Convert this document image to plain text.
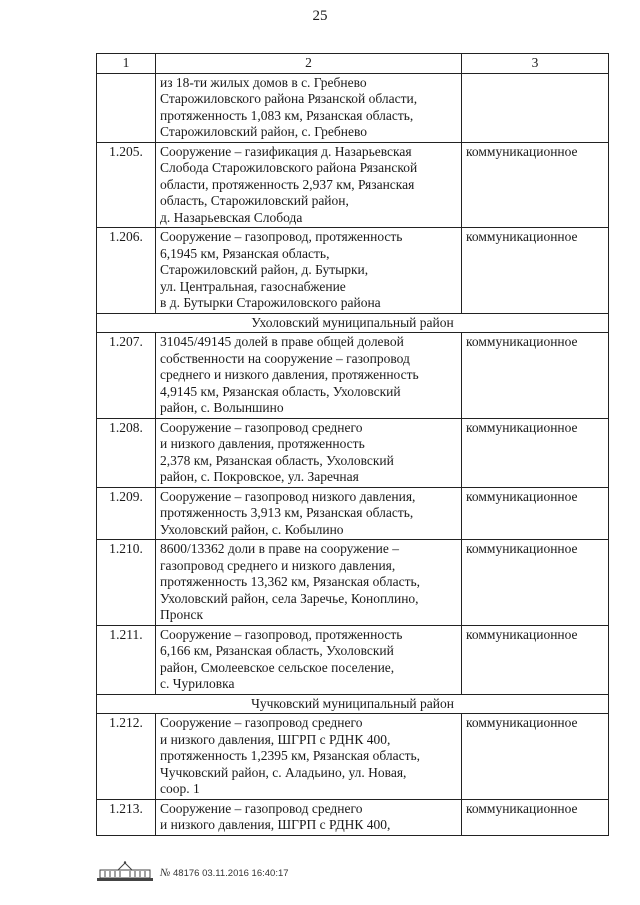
25
1	2	3
	из 18-ти жилых домов в с. Гребнево
Старожиловского района Рязанской области,
протяженность 1,083 км, Рязанская область,
Старожиловский район, с. Гребнево	
1.205.	Сооружение – газификация д. Назарьевская
Слобода Старожиловского района Рязанской
области, протяженность 2,937 км, Рязанская
область, Старожиловский район,
д. Назарьевская Слобода	коммуникационное
1.206.	Сооружение – газопровод, протяженность
6,1945 км, Рязанская область,
Старожиловский район, д. Бутырки,
ул. Центральная, газоснабжение
в д. Бутырки Старожиловского района	коммуникационное
Ухоловский муниципальный район		
1.207.	31045/49145 долей в праве общей долевой
собственности на сооружение – газопровод
среднего и низкого давления, протяженность
4,9145 км, Рязанская область, Ухоловский
район, с. Волыншино	коммуникационное
1.208.	Сооружение – газопровод среднего
и низкого давления, протяженность
2,378 км, Рязанская область, Ухоловский
район, с. Покровское, ул. Заречная	коммуникационное
1.209.	Сооружение – газопровод низкого давления,
протяженность 3,913 км, Рязанская область,
Ухоловский район, с. Кобылино	коммуникационное
1.210.	8600/13362 доли в праве на сооружение –
газопровод среднего и низкого давления,
протяженность 13,362 км, Рязанская область,
Ухоловский район, села Заречье, Коноплино,
Пронск	коммуникационное
1.211.	Сооружение – газопровод, протяженность
6,166 км, Рязанская область, Ухоловский
район, Смолеевское сельское поселение,
с. Чуриловка	коммуникационное
Чучковский муниципальный район		
1.212.	Сооружение – газопровод среднего
и низкого давления, ШГРП с РДНК 400,
протяженность 1,2395 км, Рязанская область,
Чучковский район, с. Аладьино, ул. Новая,
соор. 1	коммуникационное
1.213.	Сооружение – газопровод среднего
и низкого давления, ШГРП с РДНК 400,	коммуникационное
№ 48176 03.11.2016 16:40:17
